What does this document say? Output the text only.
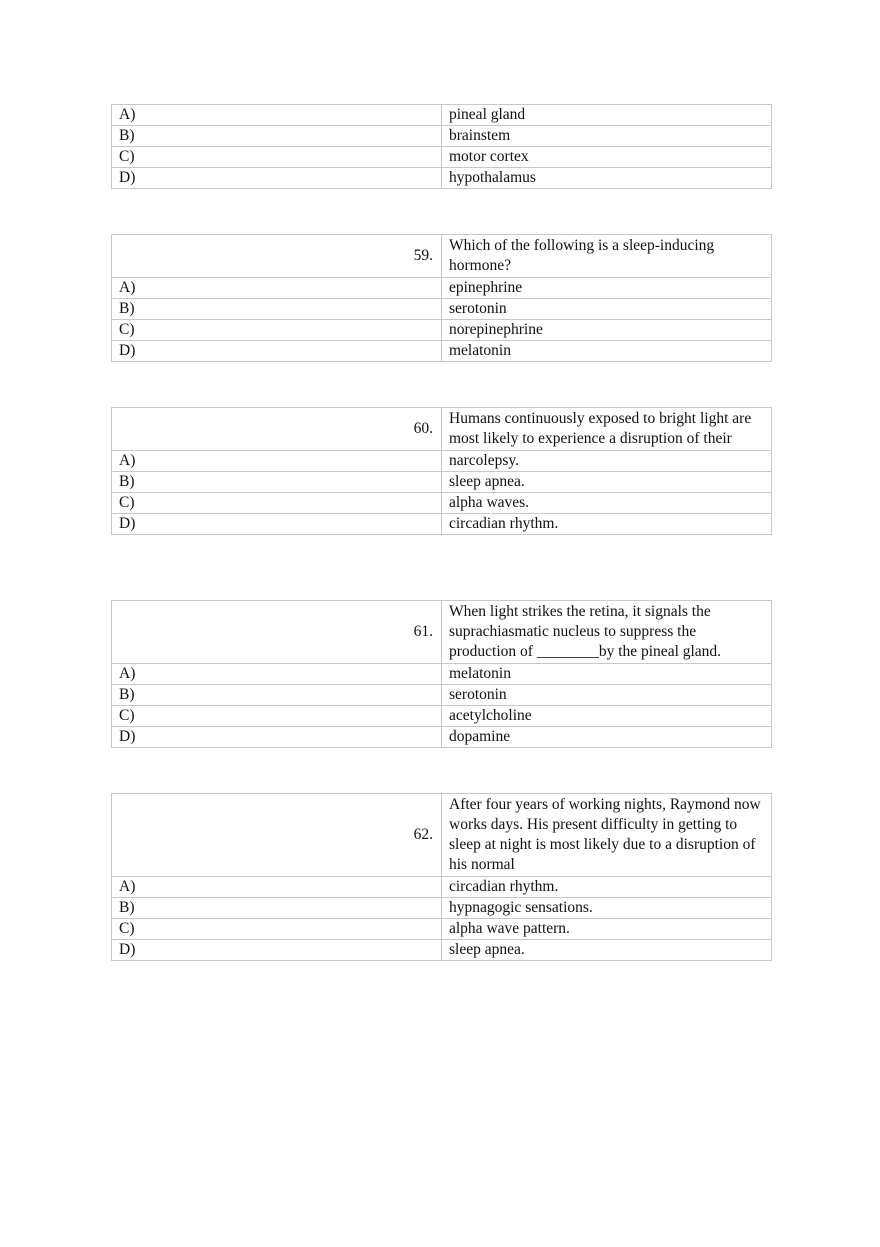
A)	pineal gland
B)	brainstem
C)	motor cortex
D)	hypothalamus
59.	Which of the following is a sleep-inducing hormone?
A)	epinephrine
B)	serotonin
C)	norepinephrine
D)	melatonin
60.	Humans continuously exposed to bright light are most likely to experience a disruption of their
A)	narcolepsy.
B)	sleep apnea.
C)	alpha waves.
D)	circadian rhythm.
61.	When light strikes the retina, it signals the suprachiasmatic nucleus to suppress the production of ________by the pineal gland.
A)	melatonin
B)	serotonin
C)	acetylcholine
D)	dopamine
62.	After four years of working nights, Raymond now works days. His present difficulty in getting to sleep at night is most likely due to a disruption of his normal
A)	circadian rhythm.
B)	hypnagogic sensations.
C)	alpha wave pattern.
D)	sleep apnea.
